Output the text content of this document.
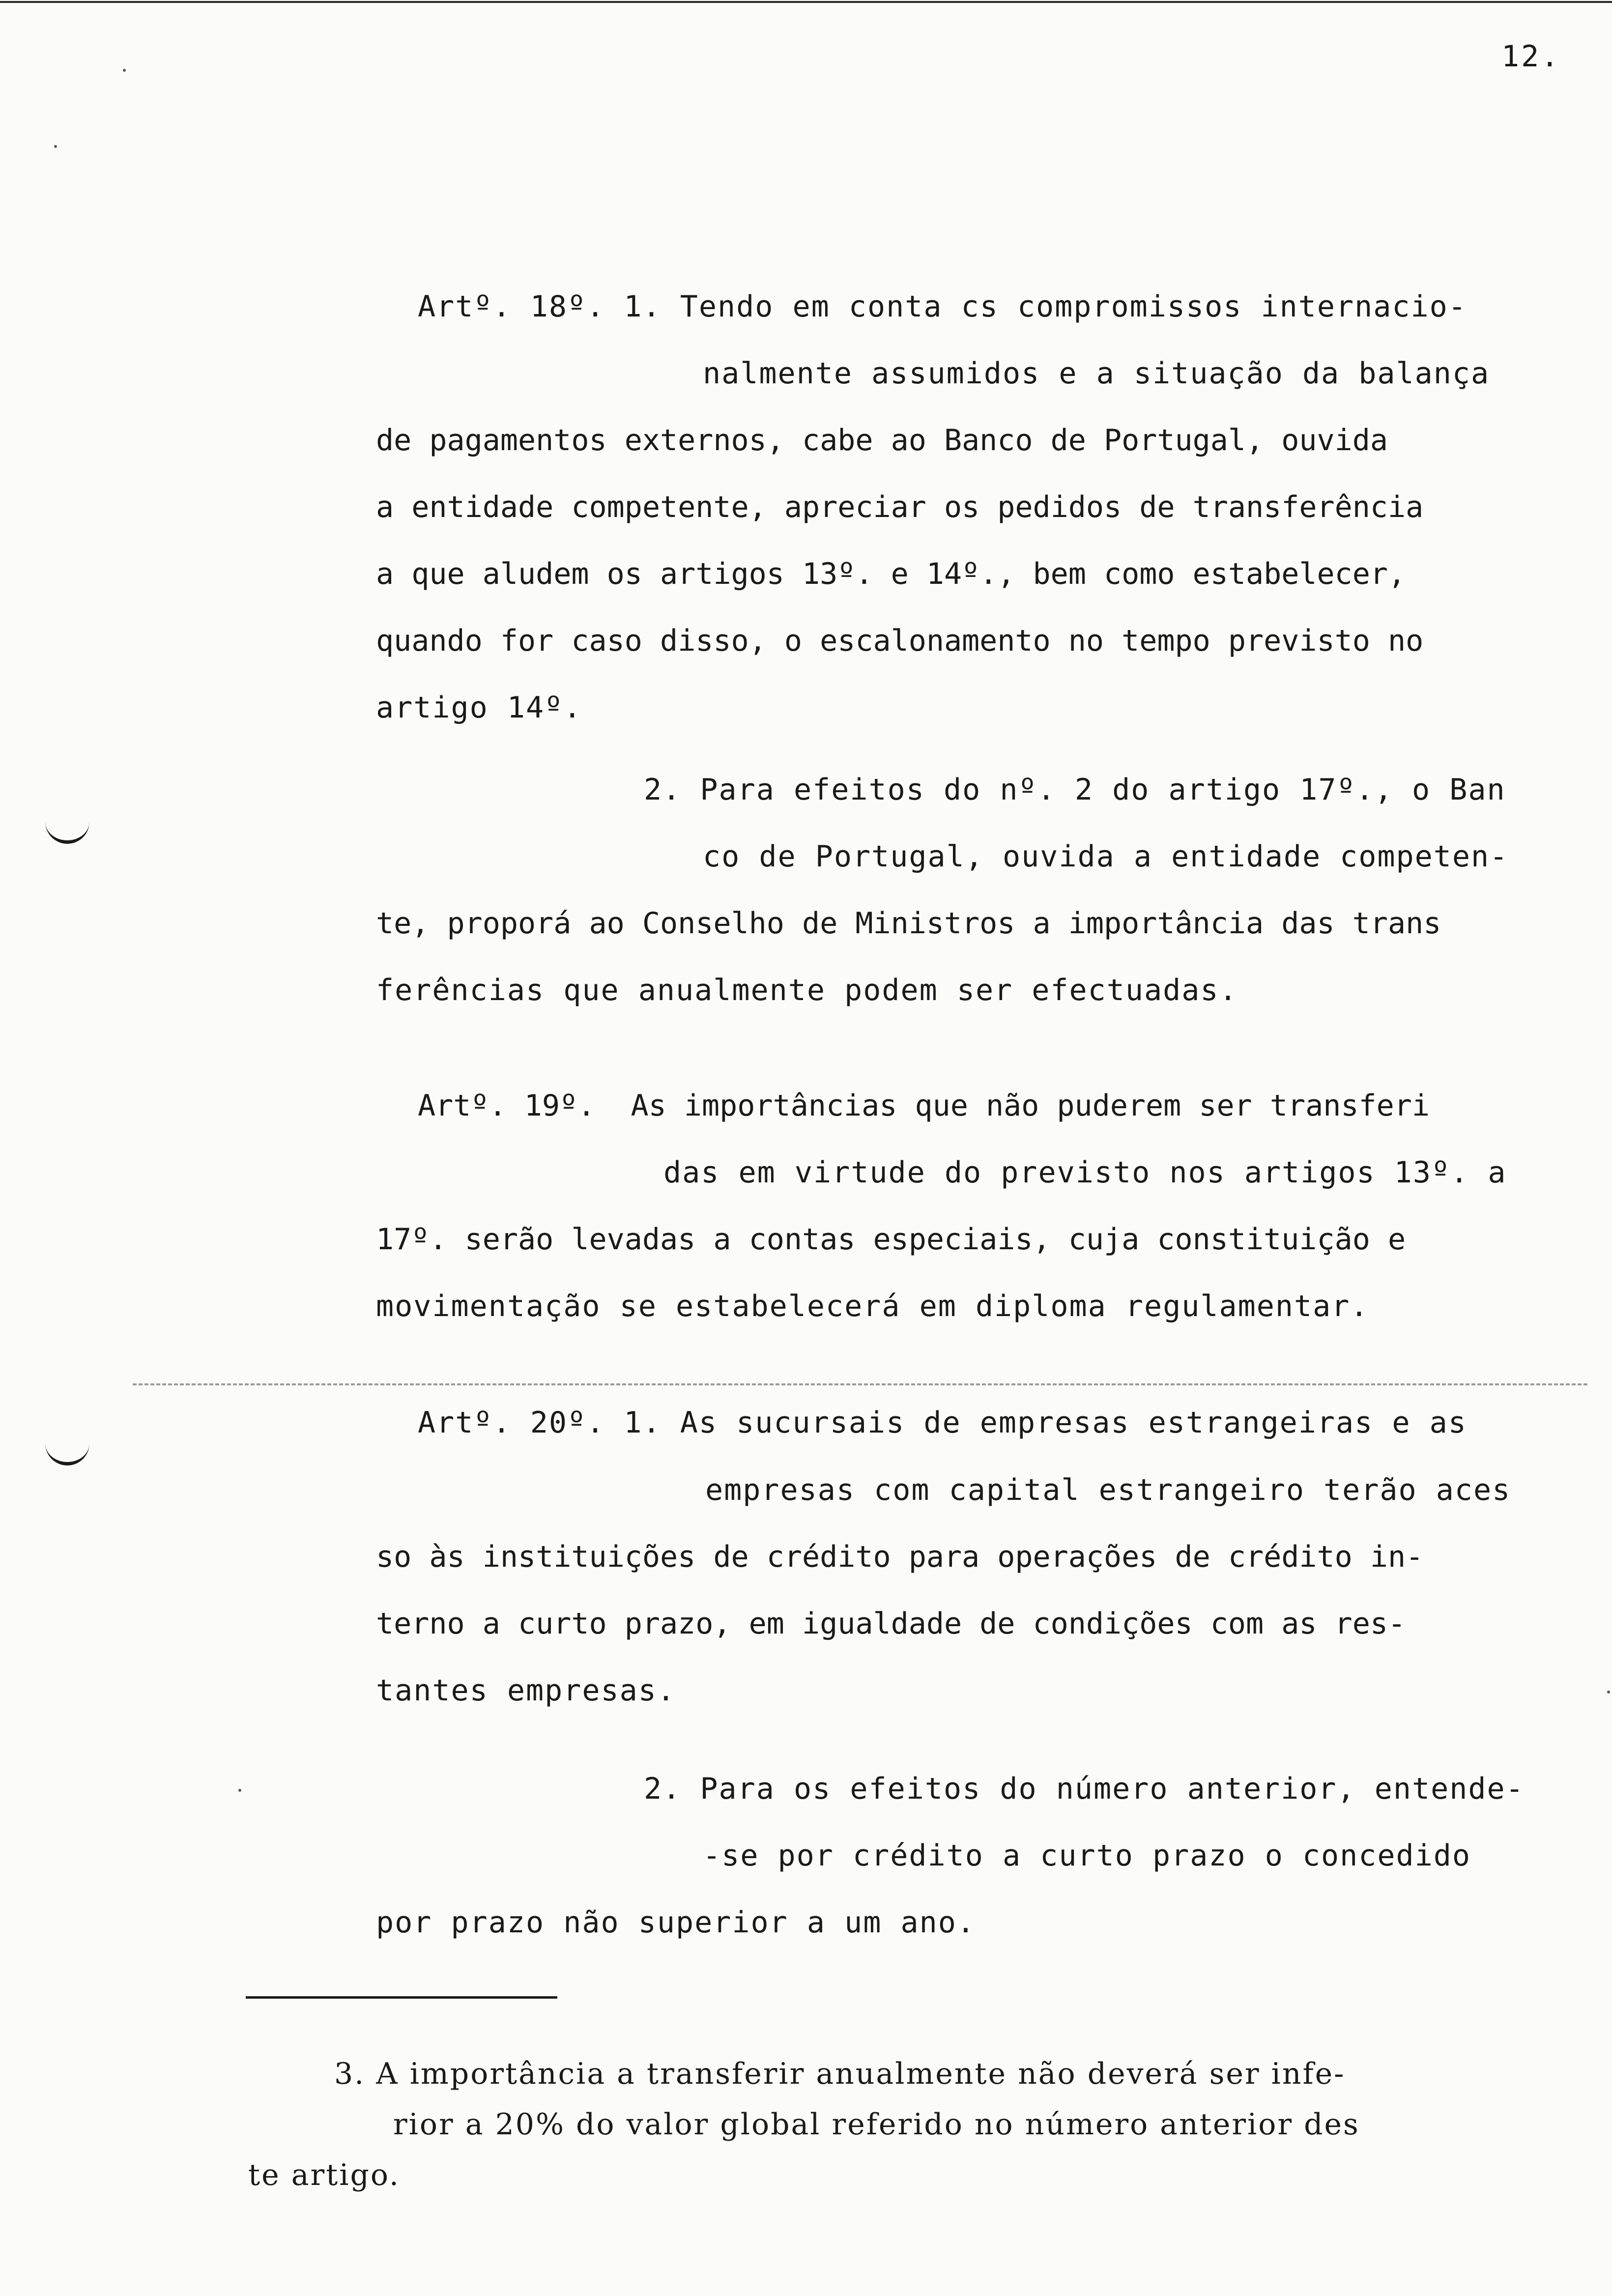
12.
Artº. 18º. 1. Tendo em conta cs compromissos internacio-
nalmente assumidos e a situação da balança
de pagamentos externos, cabe ao Banco de Portugal, ouvida
a entidade competente, apreciar os pedidos de transferência
a que aludem os artigos 13º. e 14º., bem como estabelecer,
quando for caso disso, o escalonamento no tempo previsto no
artigo 14º.
2. Para efeitos do nº. 2 do artigo 17º., o Ban
co de Portugal, ouvida a entidade competen-
te, proporá ao Conselho de Ministros a importância das trans
ferências que anualmente podem ser efectuadas.
Artº. 19º.  As importâncias que não puderem ser transferi
das em virtude do previsto nos artigos 13º. a
17º. serão levadas a contas especiais, cuja constituição e
movimentação se estabelecerá em diploma regulamentar.
Artº. 20º. 1. As sucursais de empresas estrangeiras e as
empresas com capital estrangeiro terão aces
so às instituições de crédito para operações de crédito in-
terno a curto prazo, em igualdade de condições com as res-
tantes empresas.
2. Para os efeitos do número anterior, entende-
-se por crédito a curto prazo o concedido
por prazo não superior a um ano.
3. A importância a transferir anualmente não deverá ser infe-
rior a 20% do valor global referido no número anterior des
te artigo.
